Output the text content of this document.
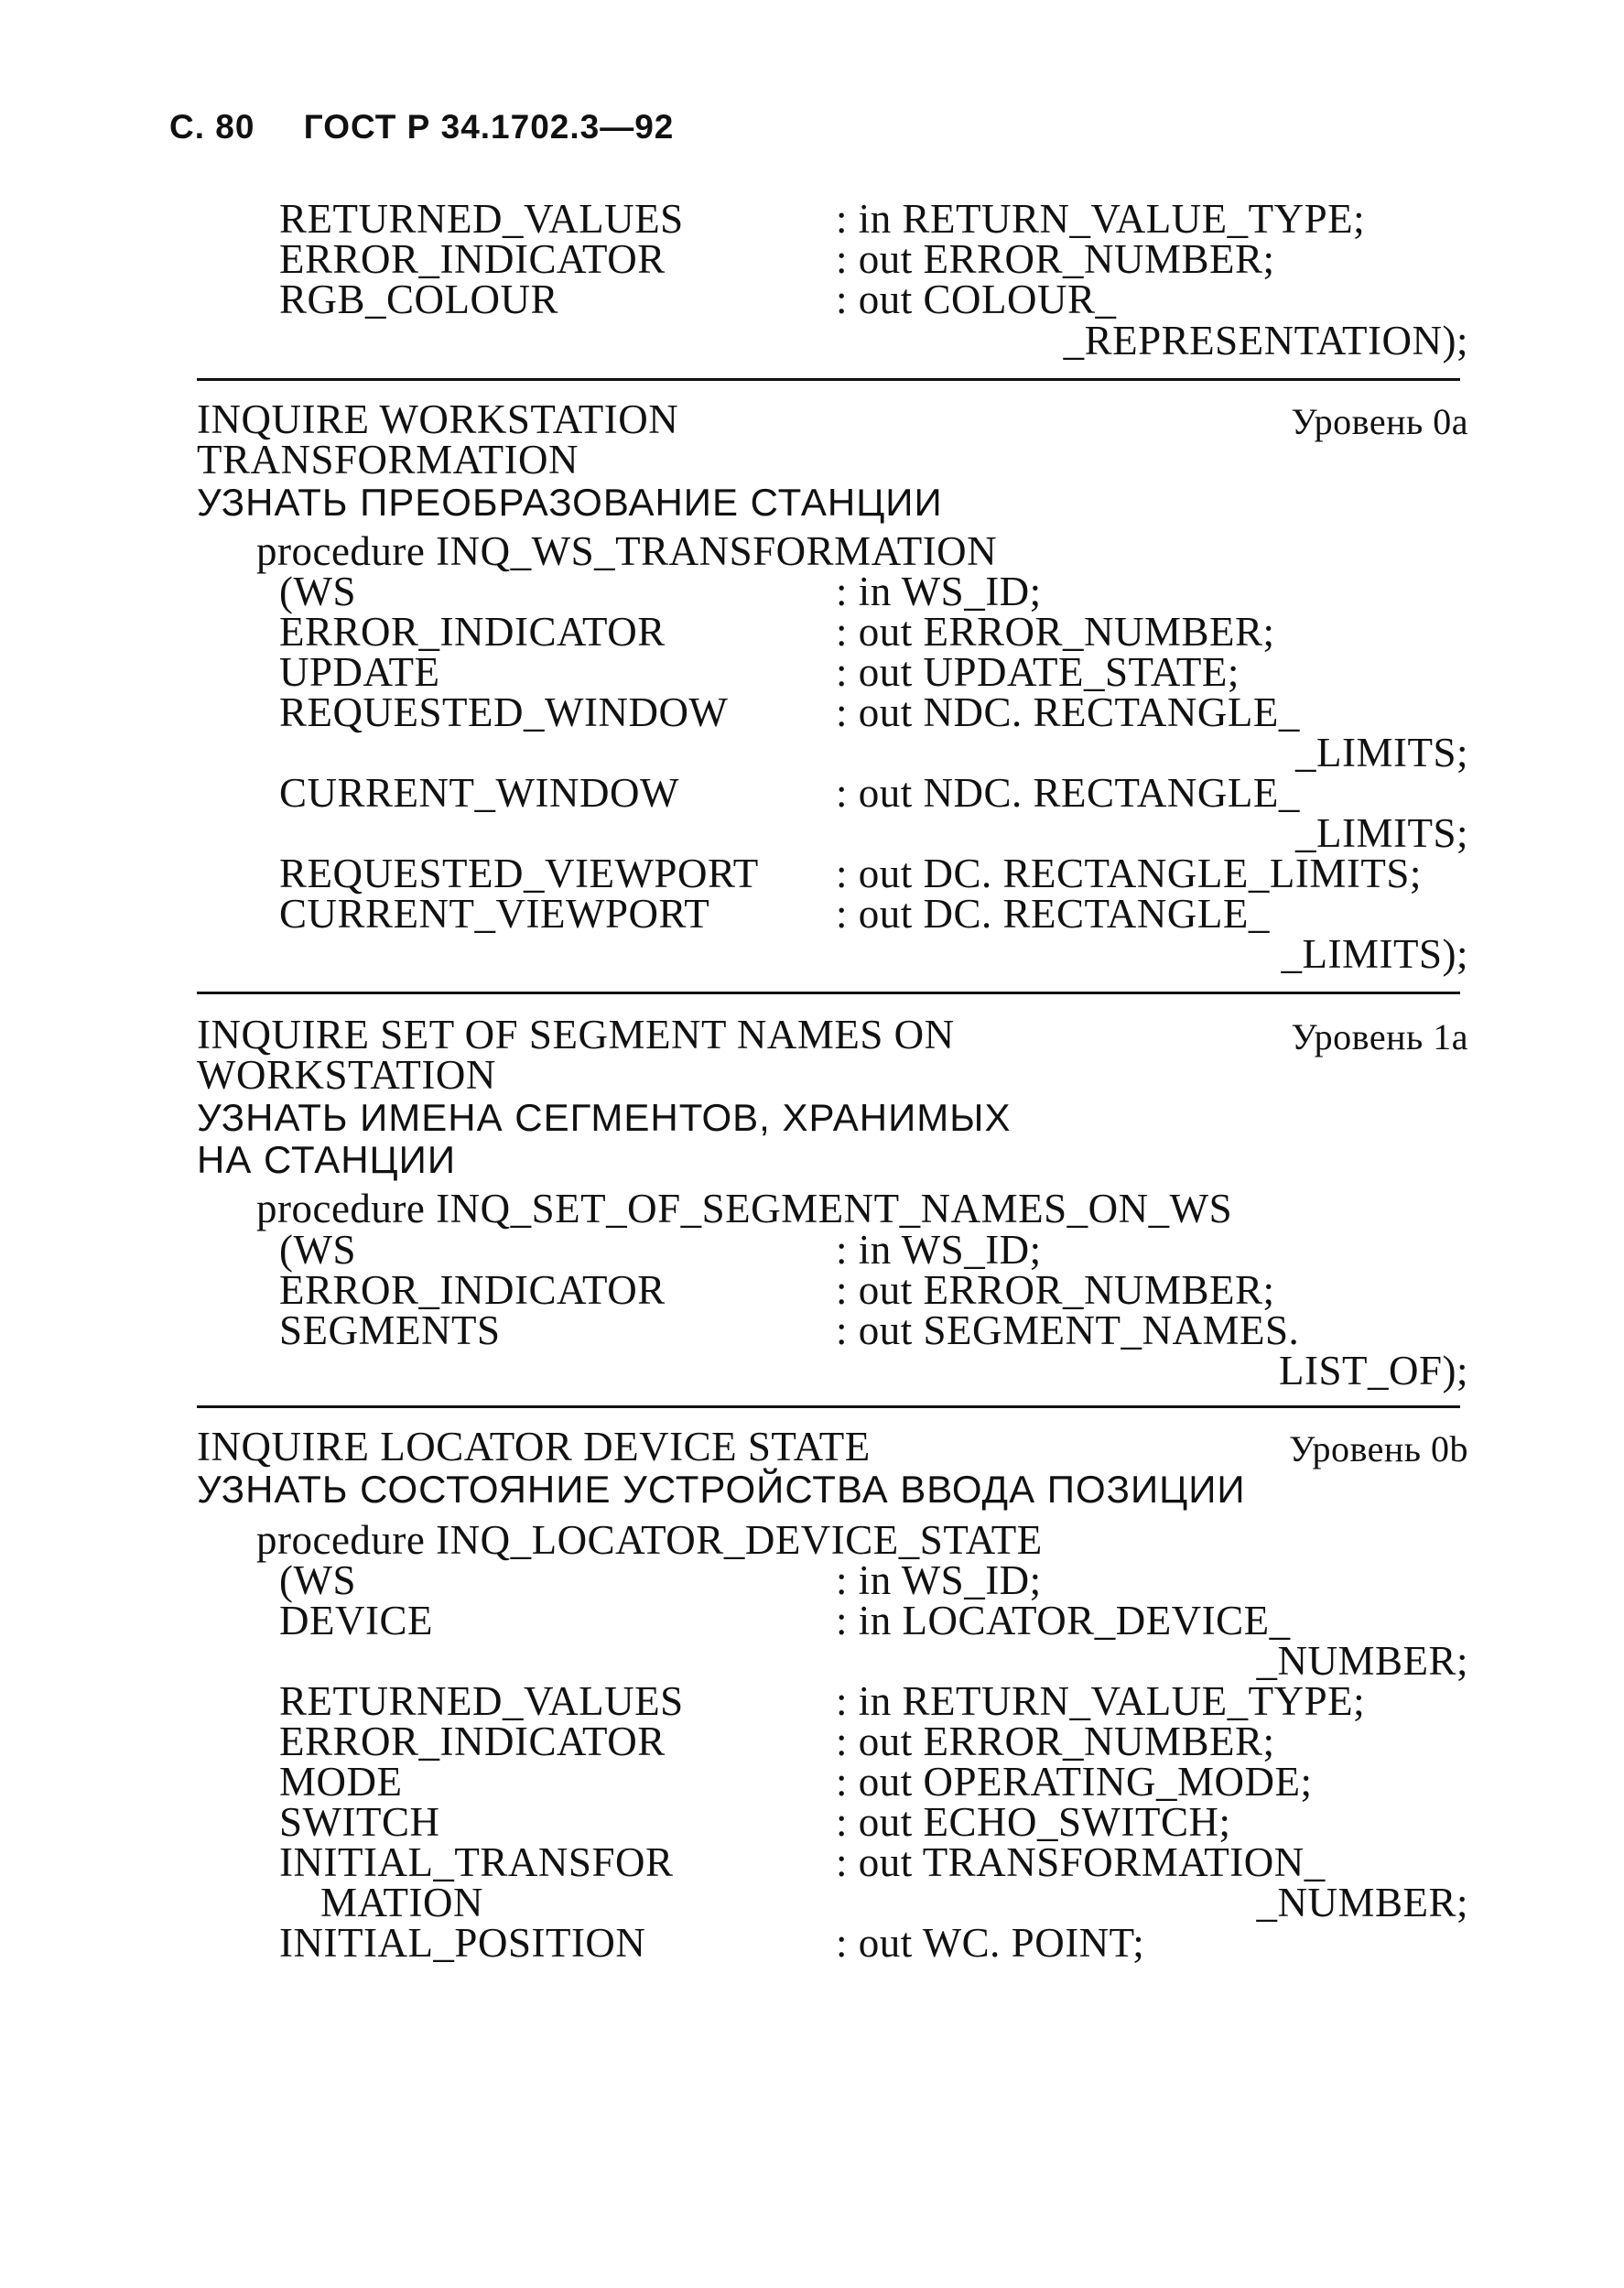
С. 80 ГОСТ Р 34.1702.3—92
RETURNED_VALUES	: in RETURN_VALUE_TYPE;
ERROR_INDICATOR	: out ERROR_NUMBER;
RGB_COLOUR	: out COLOUR_
_REPRESENTATION);
INQUIRE WORKSTATION	Уровень 0a
TRANSFORMATION
УЗНАТЬ ПРЕОБРАЗОВАНИЕ СТАНЦИИ
procedure INQ_WS_TRANSFORMATION
(WS	: in WS_ID;
ERROR_INDICATOR	: out ERROR_NUMBER;
UPDATE	: out UPDATE_STATE;
REQUESTED_WINDOW	: out NDC. RECTANGLE_
_LIMITS;
CURRENT_WINDOW	: out NDC. RECTANGLE_
_LIMITS;
REQUESTED_VIEWPORT : out DC. RECTANGLE_LIMITS;
CURRENT_VIEWPORT	: out DC. RECTANGLE_
_LIMITS);
INQUIRE SET OF SEGMENT NAMES ON	Уровень 1a
WORKSTATION
УЗНАТЬ ИМЕНА СЕГМЕНТОВ, ХРАНИМЫХ
НА СТАНЦИИ
procedure INQ_SET_OF_SEGMENT_NAMES_ON_WS
(WS	: in WS_ID;
ERROR_INDICATOR	: out ERROR_NUMBER;
SEGMENTS	: out SEGMENT_NAMES.
LIST_OF);
INQUIRE LOCATOR DEVICE STATE	Уровень 0b
УЗНАТЬ СОСТОЯНИЕ УСТРОЙСТВА ВВОДА ПОЗИЦИИ
procedure INQ_LOCATOR_DEVICE_STATE
(WS	: in WS_ID;
DEVICE	: in LOCATOR_DEVICE_
_NUMBER;
RETURNED_VALUES	: in RETURN_VALUE_TYPE;
ERROR_INDICATOR	: out ERROR_NUMBER;
MODE	: out OPERATING_MODE;
SWITCH	: out ECHO_SWITCH;
INITIAL_TRANSFOR	: out TRANSFORMATION_
MATION	_NUMBER;
INITIAL_POSITION	: out WC. POINT;
